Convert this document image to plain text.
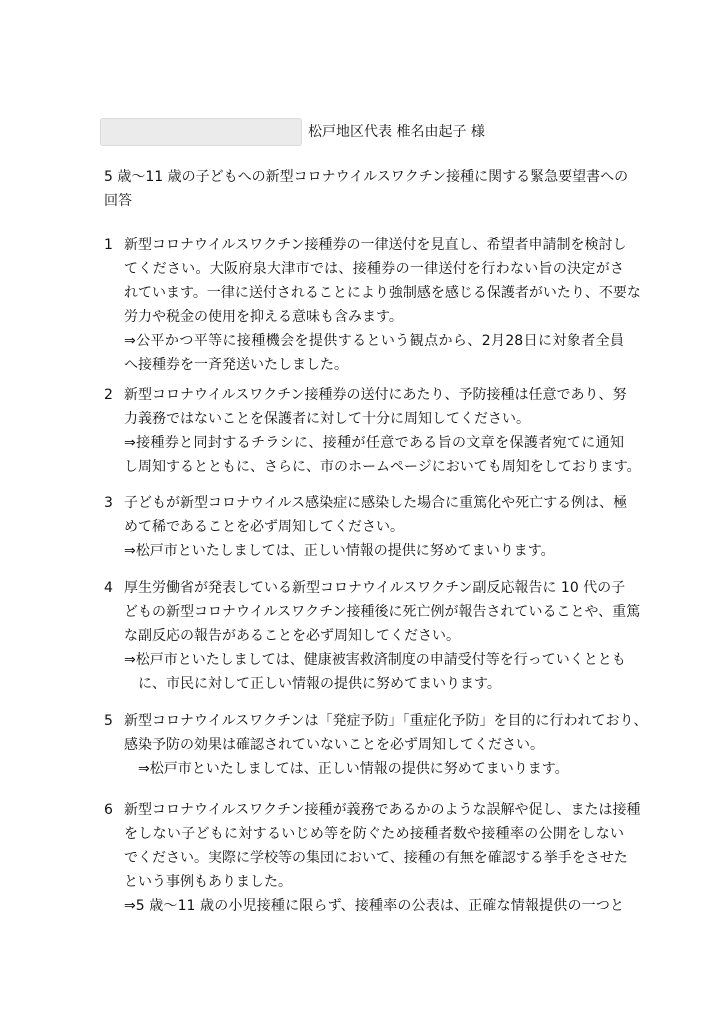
松戸地区代表 椎名由起子 様
5 歳～11 歳の子どもへの新型コロナウイルスワクチン接種に関する緊急要望書への
回答
1 新型コロナウイルスワクチン接種券の一律送付を見直し、希望者申請制を検討し
てください。大阪府泉大津市では、接種券の一律送付を行わない旨の決定がさ
れています。一律に送付されることにより強制感を感じる保護者がいたり、不要な
労力や税金の使用を抑える意味も含みます。
⇒公平かつ平等に接種機会を提供するという観点から、2月28日に対象者全員
へ接種券を一斉発送いたしました。
2 新型コロナウイルスワクチン接種券の送付にあたり、予防接種は任意であり、努
力義務ではないことを保護者に対して十分に周知してください。
⇒接種券と同封するチラシに、接種が任意である旨の文章を保護者宛てに通知
し周知するとともに、さらに、市のホームページにおいても周知をしております。
3 子どもが新型コロナウイルス感染症に感染した場合に重篤化や死亡する例は、極
めて稀であることを必ず周知してください。
⇒松戸市といたしましては、正しい情報の提供に努めてまいります。
4 厚生労働省が発表している新型コロナウイルスワクチン副反応報告に 10 代の子
どもの新型コロナウイルスワクチン接種後に死亡例が報告されていることや、重篤
な副反応の報告があることを必ず周知してください。
⇒松戸市といたしましては、健康被害救済制度の申請受付等を行っていくととも
に、市民に対して正しい情報の提供に努めてまいります。
5 新型コロナウイルスワクチンは「発症予防」「重症化予防」を目的に行われており、
感染予防の効果は確認されていないことを必ず周知してください。
⇒松戸市といたしましては、正しい情報の提供に努めてまいります。
6 新型コロナウイルスワクチン接種が義務であるかのような誤解や促し、または接種
をしない子どもに対するいじめ等を防ぐため接種者数や接種率の公開をしない
でください。実際に学校等の集団において、接種の有無を確認する挙手をさせた
という事例もありました。
⇒5 歳～11 歳の小児接種に限らず、接種率の公表は、正確な情報提供の一つと
